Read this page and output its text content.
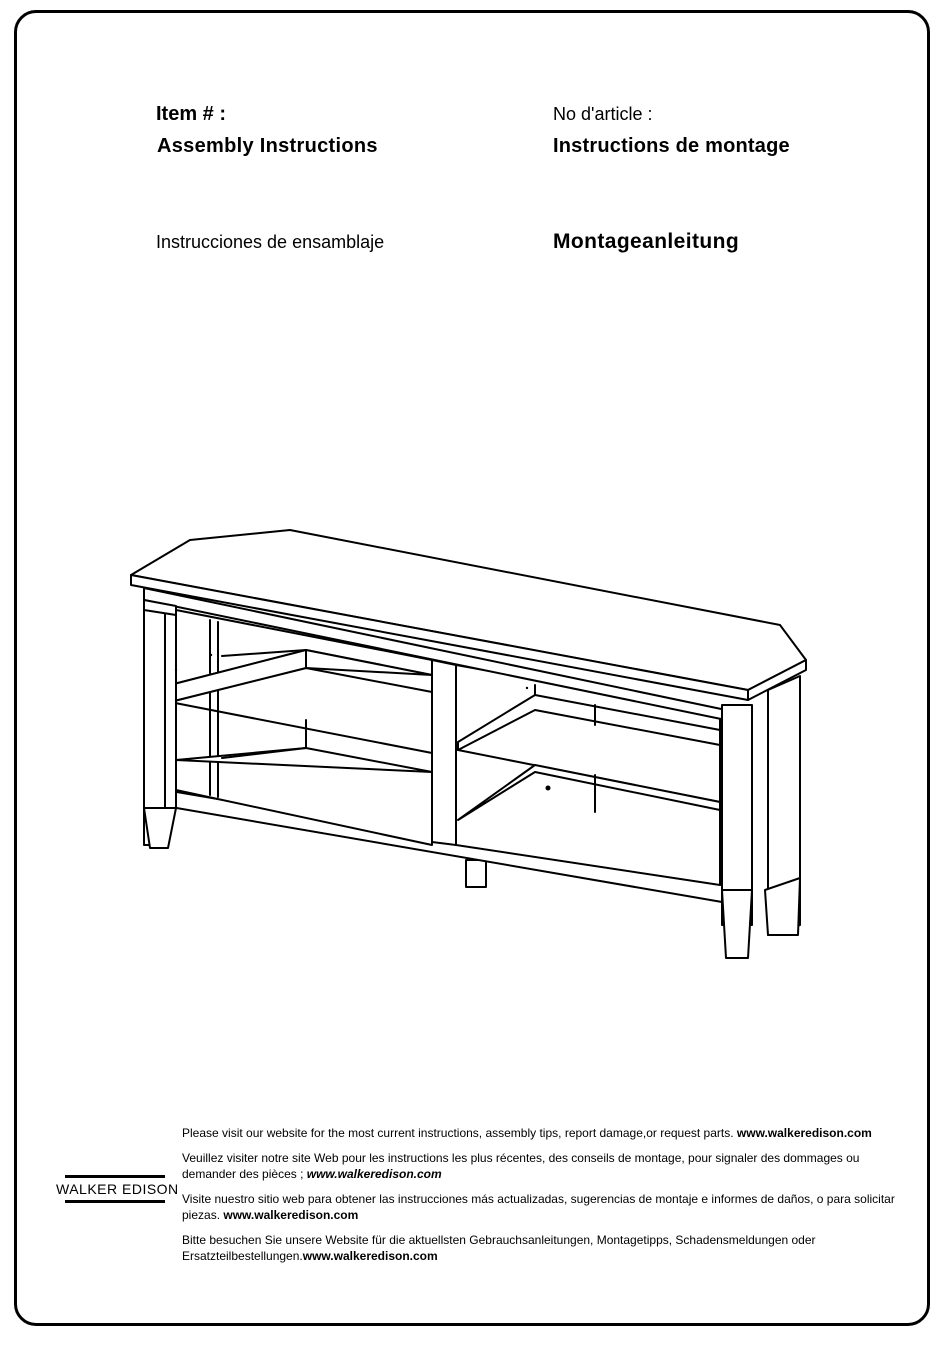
Item # :
Assembly Instructions
No d'article :
Instructions de montage
Instrucciones de ensamblaje	Montageanleitung
WALKER EDISON

Please visit our website for the most current instructions, assembly tips, report damage,or request parts. www.walkeredison.com

Veuillez visiter notre site Web pour les instructions les plus récentes, des conseils de montage, pour signaler des dommages ou demander des pièces ; www.walkeredison.com

Visite nuestro sitio web para obtener las instrucciones más actualizadas, sugerencias de montaje e informes de daños, o para solicitar piezas. www.walkeredison.com

Bitte besuchen Sie unsere Website für die aktuellsten Gebrauchsanleitungen, Montagetipps, Schadensmeldungen oder Ersatzteilbestellungen.www.walkeredison.com
